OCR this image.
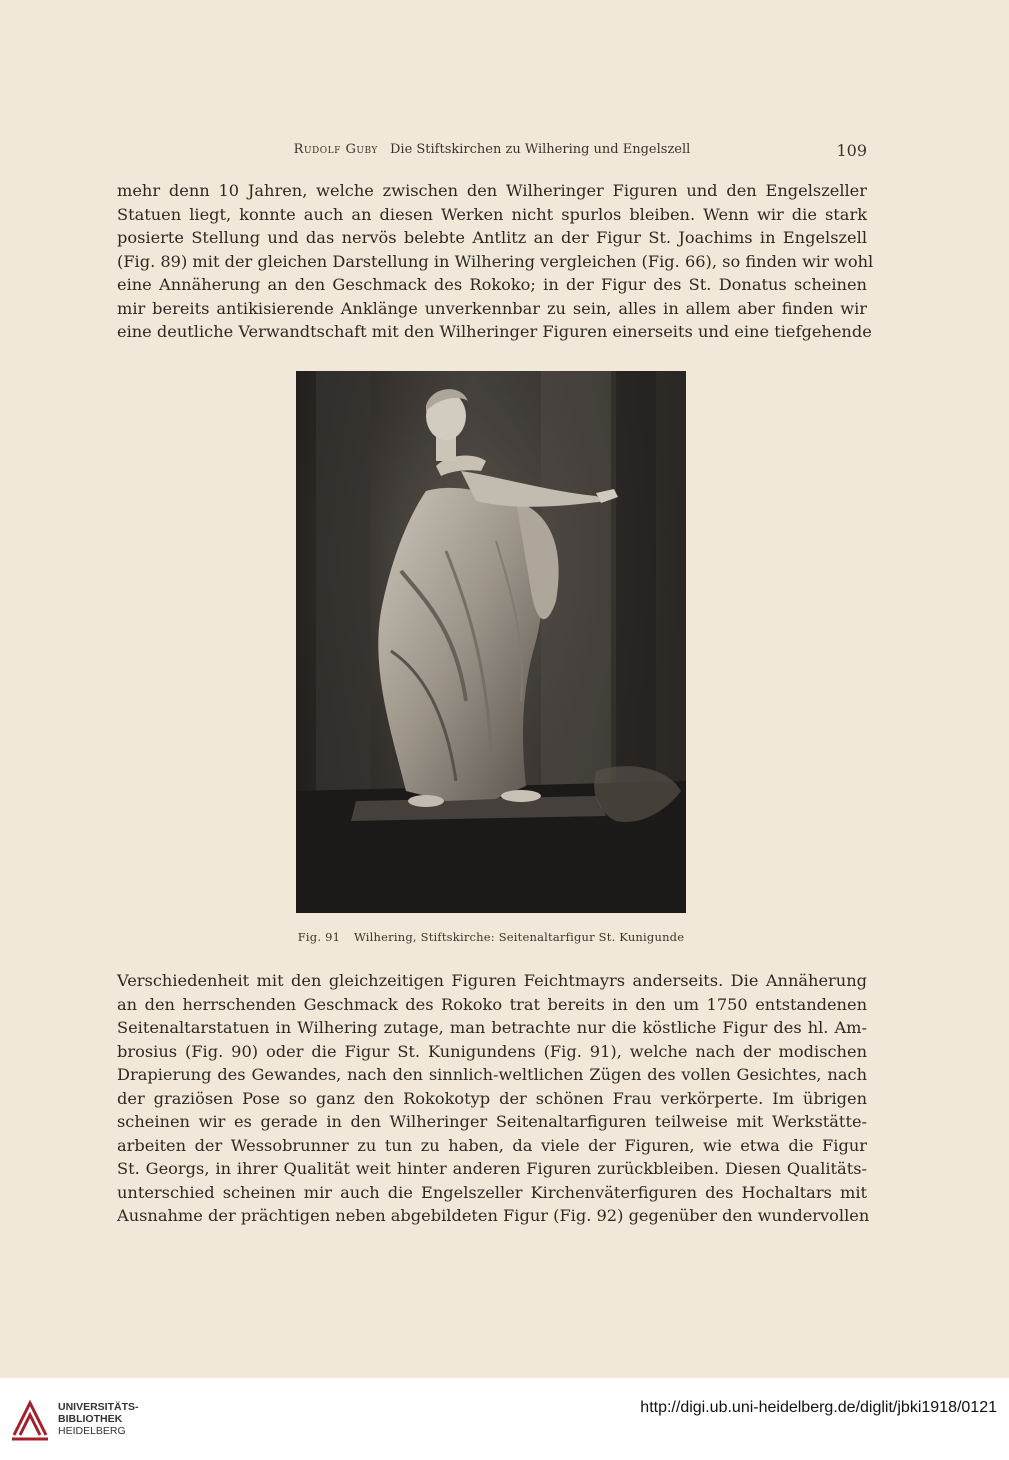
Rudolf Guby Die Stiftskirchen zu Wilhering und Engelszell	109
mehr denn 10 Jahren, welche zwischen den Wilheringer Figuren und den Engelszeller
Statuen liegt, konnte auch an diesen Werken nicht spurlos bleiben. Wenn wir die stark
posierte Stellung und das nervös belebte Antlitz an der Figur St. Joachims in Engelszell
(Fig. 89) mit der gleichen Darstellung in Wilhering vergleichen (Fig. 66), so finden wir wohl
eine Annäherung an den Geschmack des Rokoko; in der Figur des St. Donatus scheinen
mir bereits antikisierende Anklänge unverkennbar zu sein, alles in allem aber finden wir
eine deutliche Verwandtschaft mit den Wilheringer Figuren einerseits und eine tiefgehende
Fig. 91 Wilhering, Stiftskirche: Seitenaltarfigur St. Kunigunde
Verschiedenheit mit den gleichzeitigen Figuren Feichtmayrs anderseits. Die Annäherung
an den herrschenden Geschmack des Rokoko trat bereits in den um 1750 entstandenen
Seitenaltarstatuen in Wilhering zutage, man betrachte nur die köstliche Figur des hl. Am-
brosius (Fig. 90) oder die Figur St. Kunigundens (Fig. 91), welche nach der modischen
Drapierung des Gewandes, nach den sinnlich-weltlichen Zügen des vollen Gesichtes, nach
der graziösen Pose so ganz den Rokokotyp der schönen Frau verkörperte. Im übrigen
scheinen wir es gerade in den Wilheringer Seitenaltarfiguren teilweise mit Werkstätte-
arbeiten der Wessobrunner zu tun zu haben, da viele der Figuren, wie etwa die Figur
St. Georgs, in ihrer Qualität weit hinter anderen Figuren zurückbleiben. Diesen Qualitäts-
unterschied scheinen mir auch die Engelszeller Kirchenväterfiguren des Hochaltars mit
Ausnahme der prächtigen neben abgebildeten Figur (Fig. 92) gegenüber den wundervollen
UNIVERSITÄTS-
BIBLIOTHEK
HEIDELBERG
http://digi.ub.uni-heidelberg.de/diglit/jbki1918/0121
